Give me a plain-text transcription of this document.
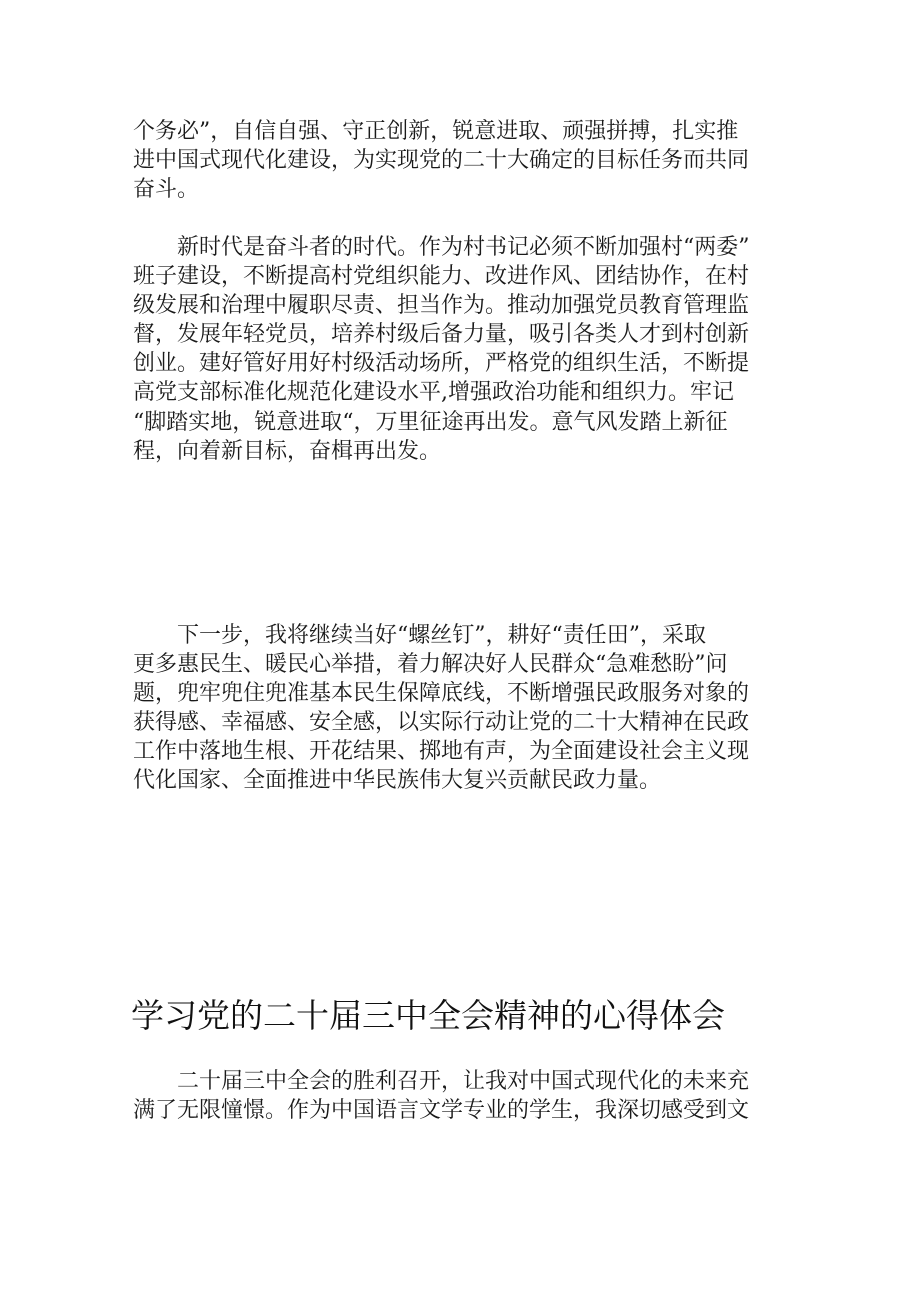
个务必”，自信自强、守正创新，锐意进取、顽强拼搏，扎实推
进中国式现代化建设，为实现党的二十大确定的目标任务而共同
奋斗。

新时代是奋斗者的时代。作为村书记必须不断加强村“两委”
班子建设，不断提高村党组织能力、改进作风、团结协作，在村
级发展和治理中履职尽责、担当作为。推动加强党员教育管理监
督，发展年轻党员，培养村级后备力量，吸引各类人才到村创新
创业。建好管好用好村级活动场所，严格党的组织生活，不断提
高党支部标准化规范化建设水平,增强政治功能和组织力。牢记
“脚踏实地，锐意进取“，万里征途再出发。意气风发踏上新征
程，向着新目标，奋楫再出发。

下一步，我将继续当好“螺丝钉”，耕好“责任田”，采取
更多惠民生、暖民心举措，着力解决好人民群众“急难愁盼”问
题，兜牢兜住兜准基本民生保障底线，不断增强民政服务对象的
获得感、幸福感、安全感，以实际行动让党的二十大精神在民政
工作中落地生根、开花结果、掷地有声，为全面建设社会主义现
代化国家、全面推进中华民族伟大复兴贡献民政力量。

学习党的二十届三中全会精神的心得体会

二十届三中全会的胜利召开，让我对中国式现代化的未来充
满了无限憧憬。作为中国语言文学专业的学生，我深切感受到文
